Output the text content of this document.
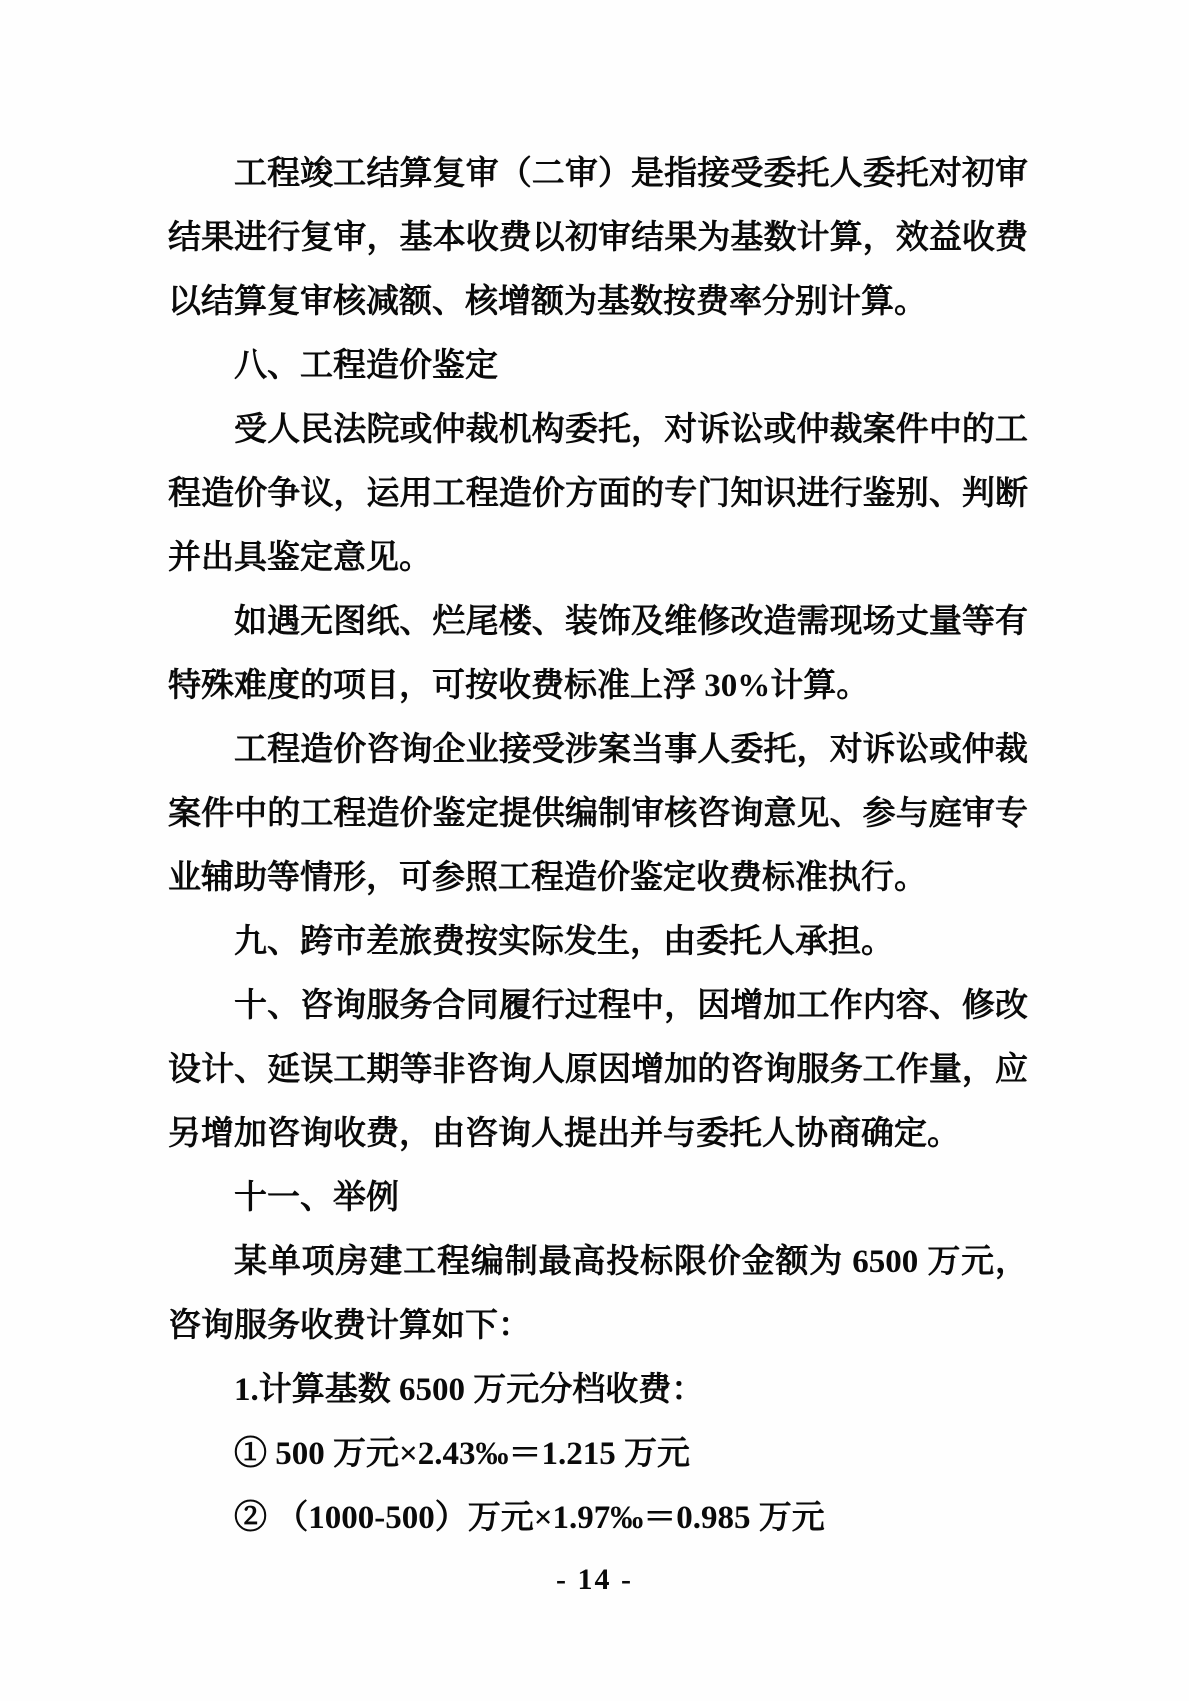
工程竣工结算复审（二审）是指接受委托人委托对初审结果进行复审，基本收费以初审结果为基数计算，效益收费以结算复审核减额、核增额为基数按费率分别计算。

八、工程造价鉴定

受人民法院或仲裁机构委托，对诉讼或仲裁案件中的工程造价争议，运用工程造价方面的专门知识进行鉴别、判断并出具鉴定意见。

如遇无图纸、烂尾楼、装饰及维修改造需现场丈量等有特殊难度的项目，可按收费标准上浮 30%计算。

工程造价咨询企业接受涉案当事人委托，对诉讼或仲裁案件中的工程造价鉴定提供编制审核咨询意见、参与庭审专业辅助等情形，可参照工程造价鉴定收费标准执行。

九、跨市差旅费按实际发生，由委托人承担。

十、咨询服务合同履行过程中，因增加工作内容、修改设计、延误工期等非咨询人原因增加的咨询服务工作量，应另增加咨询收费，由咨询人提出并与委托人协商确定。

十一、举例

某单项房建工程编制最高投标限价金额为 6500 万元，咨询服务收费计算如下：

1.计算基数 6500 万元分档收费：

① 500 万元×2.43‰＝1.215 万元

② （1000-500）万元×1.97‰＝0.985 万元

- 14 -
